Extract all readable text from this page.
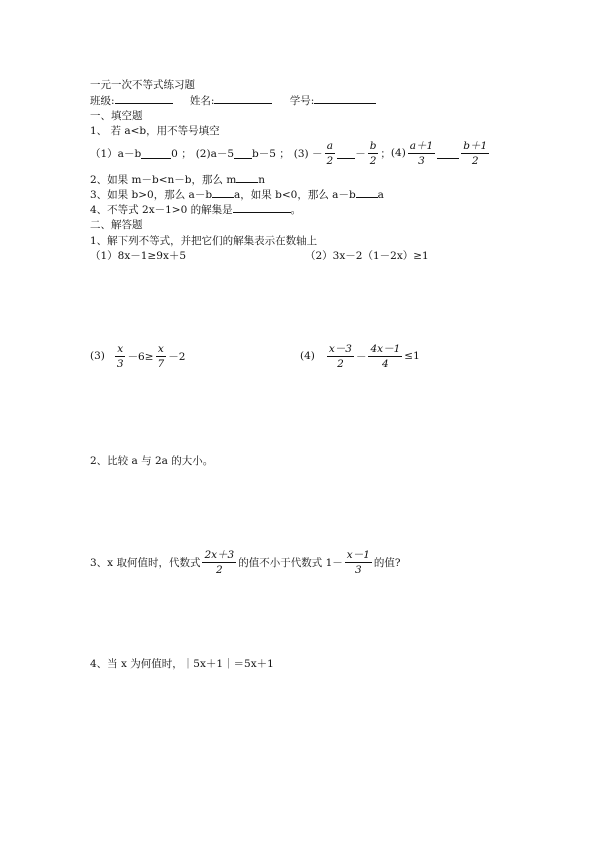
一元一次不等式练习题
班级:	姓名:	学号:
一、填空题
1、 若 a<b，用不等号填空
（1）a－b	0 ； (2)a－5 b－5 ； $(3) - \frac{a}{2} - \frac{b}{2}$ ； $(4) \frac{a+1}{3} \frac{b+1}{2}$
2、如果 m－b<n－b，那么 m n
3、如果 b>0，那么 a－b a，如果 b<0，那么 a－b a
4、不等式 2x－1>0 的解集是	。
二、解答题
1、解下列不等式，并把它们的解集表示在数轴上
（1）8x－1≥9x＋5	（2）3x－2（1－2x）≥1
$(3) \frac{x}{3} -6\ge \frac{x}{7} -2$	$(4) \frac{x-3}{2} - \frac{4x-1}{4} \le 1$
2、比较 a 与 2a 的大小。
3、x 取何值时，代数式 $\frac{2x+3}{2}$ 的值不小于代数式 $1- \frac{x-1}{3}$ 的值?
4、当 x 为何值时，｜5x＋1｜＝5x＋1
